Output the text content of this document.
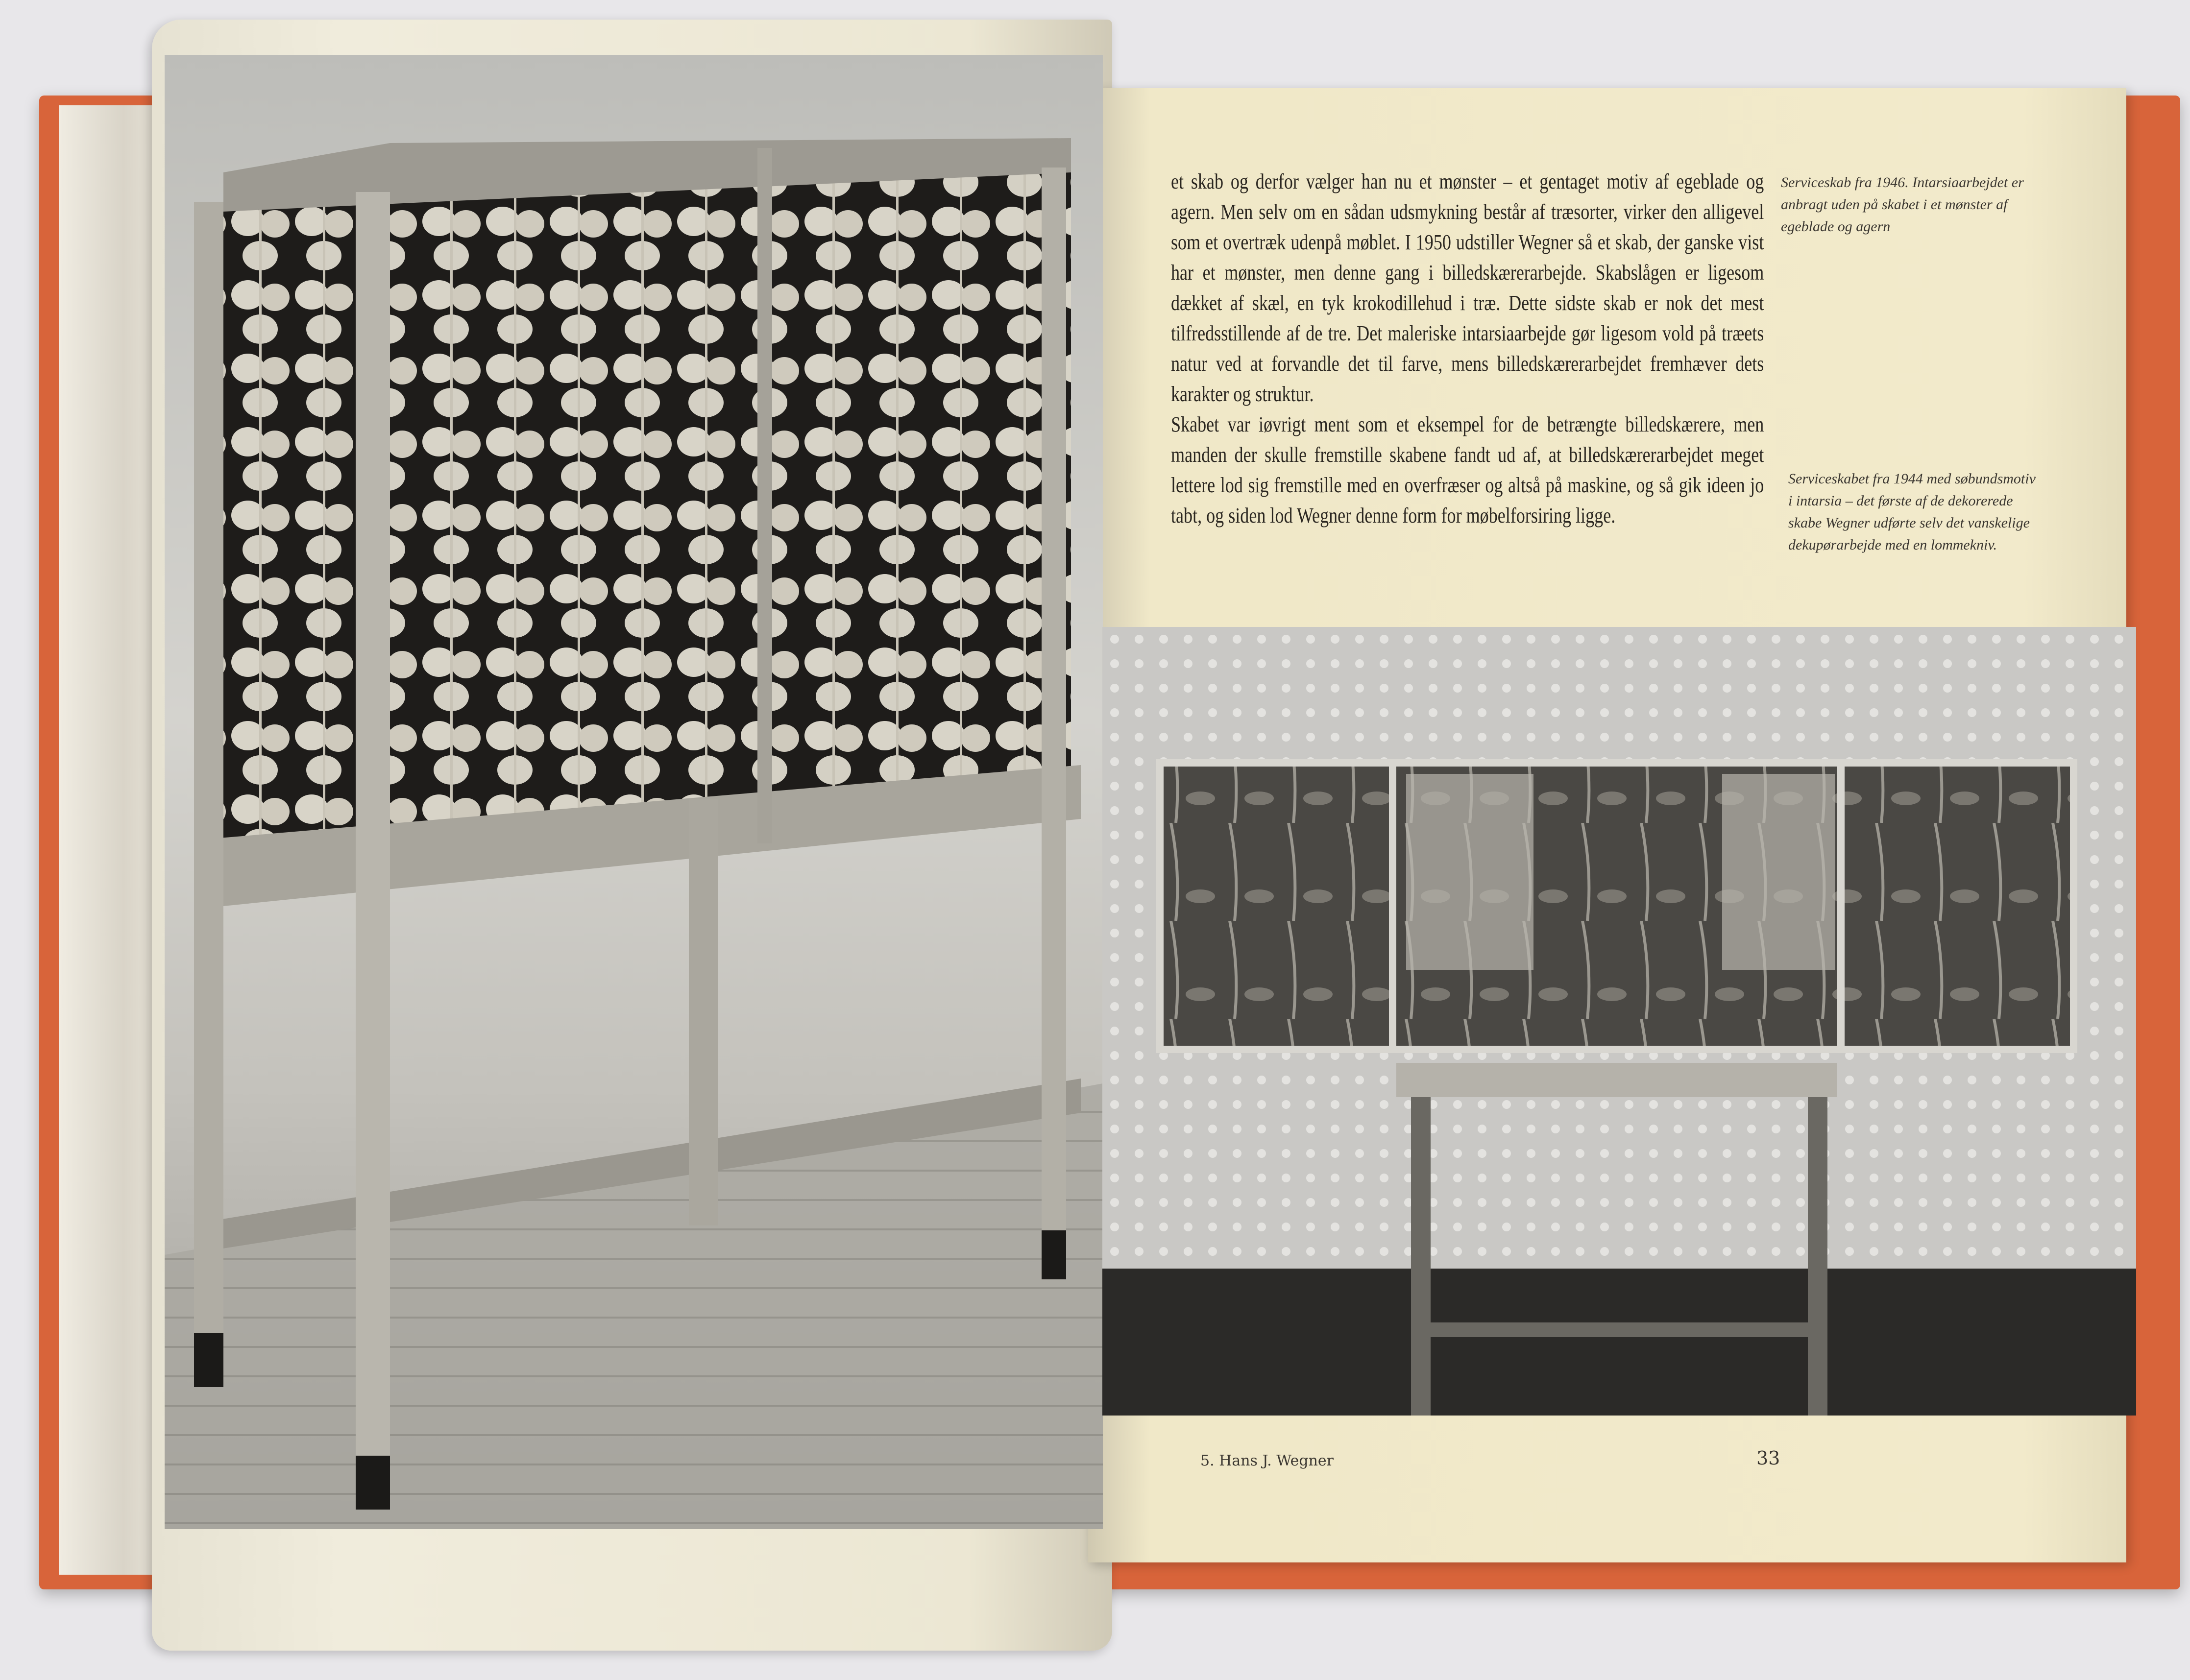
et skab og derfor vælger han nu et mønster – et gentaget motiv af egeblade og agern. Men selv om en sådan udsmykning består af træsorter, virker den alligevel som et overtræk udenpå møblet. I 1950 udstiller Wegner så et skab, der ganske vist har et mønster, men denne gang i billedskærerarbejde. Skabslågen er ligesom dækket af skæl, en tyk krokodillehud i træ. Dette sidste skab er nok det mest tilfredsstillende af de tre. Det maleriske intarsiaarbejde gør ligesom vold på træets natur ved at forvandle det til farve, mens billedskærerarbejdet fremhæver dets karakter og struktur.

Skabet var iøvrigt ment som et eksempel for de betrængte billedskærere, men manden der skulle fremstille skabene fandt ud af, at billedskærerarbejdet meget lettere lod sig fremstille med en overfræser og altså på maskine, og så gik ideen jo tabt, og siden lod Wegner denne form for møbelforsiring ligge.

Serviceskab fra 1946. Intarsiaarbejdet er anbragt uden på skabet i et mønster af egeblade og agern
Serviceskabet fra 1944 med søbundsmotiv i intarsia – det første af de dekorerede skabe Wegner udførte selv det vanskelige dekupørarbejde med en lommekniv.
5. Hans J. Wegner	33
